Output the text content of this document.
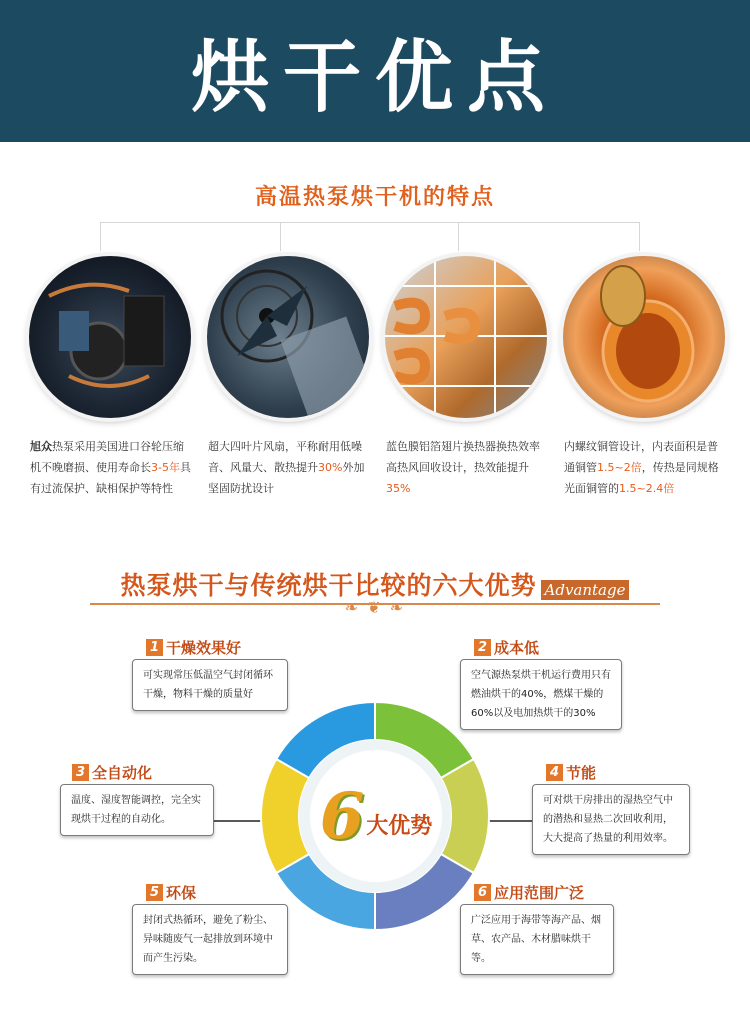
烘干优点
高温热泵烘干机的特点
旭众热泵采用美国进口谷轮压缩机不晚磨损、使用寿命长3-5年具有过流保护、缺相保护等特性
超大四叶片风扇，平称耐用低噪音、风量大、散热提升30%外加坚固防扰设计
蓝色膜铝箔翅片换热器换热效率高热风回收设计，热效能提升35%
内螺纹铜管设计，内表面积是普通铜管1.5~2倍，传热是同规格光面铜管的1.5~2.4倍
热泵烘干与传统烘干比较的六大优势 Advantage
❧ ❦ ❧
6 大优势
1 干燥效果好
可实现常压低温空气封闭循环干燥，物料干燥的质量好
2 成本低
空气源热泵烘干机运行费用只有燃油烘干的40%，燃煤干燥的60%以及电加热烘干的30%
3 全自动化
温度、湿度智能调控，完全实现烘干过程的自动化。
4 节能
可对烘干房排出的湿热空气中的潜热和显热二次回收利用，大大提高了热量的利用效率。
5 环保
封闭式热循环，避免了粉尘、异味随废气一起排放到环境中而产生污染。
6 应用范围广泛
广泛应用于海带等海产品、烟草、农产品、木材腊味烘干等。
